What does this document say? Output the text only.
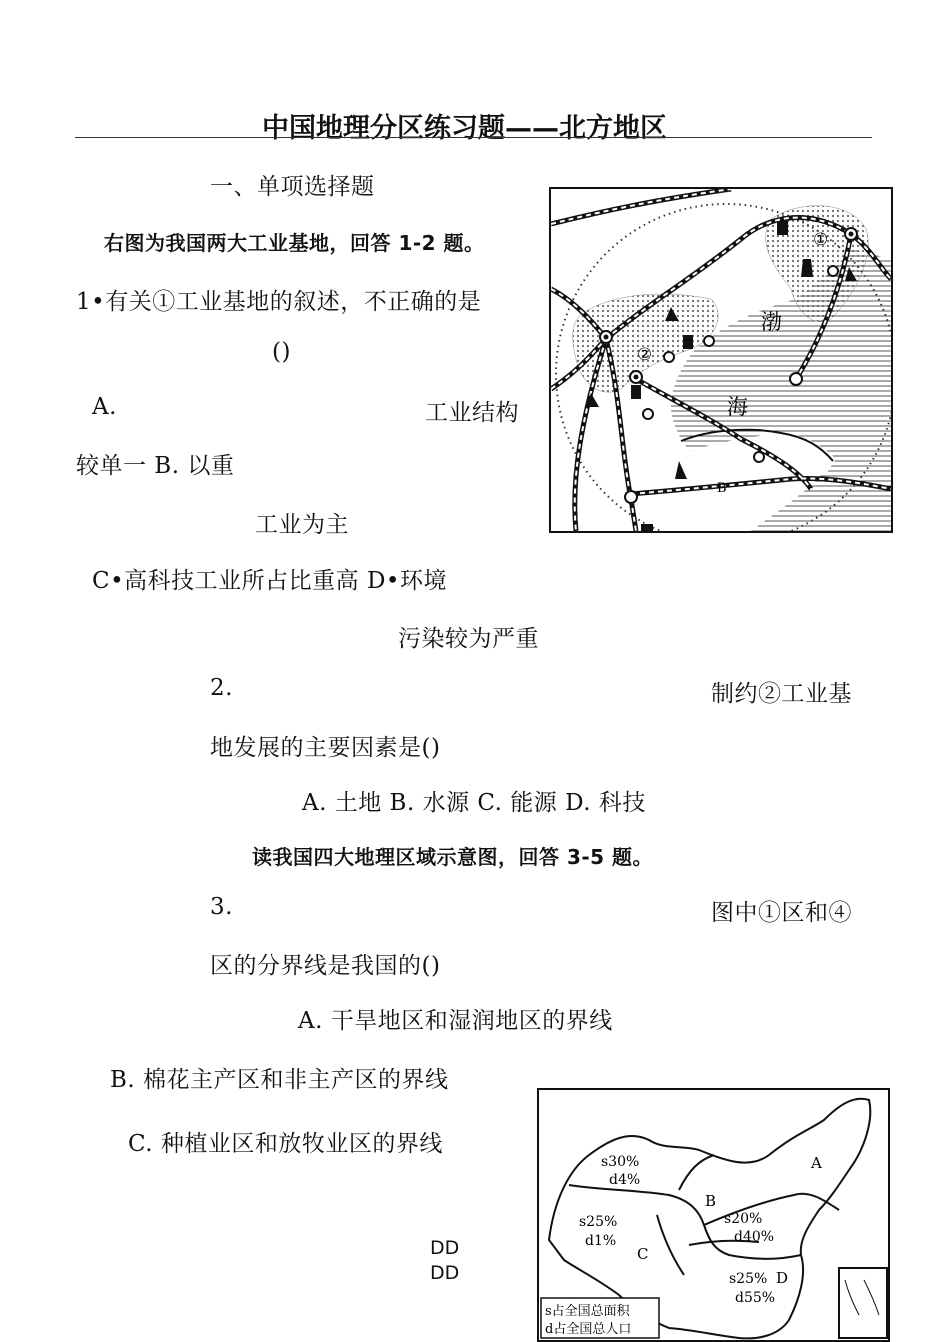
中国地理分区练习题——北方地区
一、单项选择题
右图为我国两大工业基地，回答 1-2 题。
1•有关①工业基地的叙述，不正确的是
()
A.	工业结构
较单一 B. 以重
工业为主
C•高科技工业所占比重高 D•环境
污染较为严重
2.	制约②工业基
地发展的主要因素是()
A. 土地 B. 水源 C. 能源 D. 科技
读我国四大地理区域示意图，回答 3-5 题。
3.	图中①区和④
区的分界线是我国的()
A. 干旱地区和湿润地区的界线
B. 棉花主产区和非主产区的界线
C. 种植业区和放牧业区的界线
DD
DD
①
②
渤
海
B
A
B
C
D
s30%
d4%
s25%
d1%
s20%
d40%
s25%
d55%
s占全国总面积
d占全国总人口
